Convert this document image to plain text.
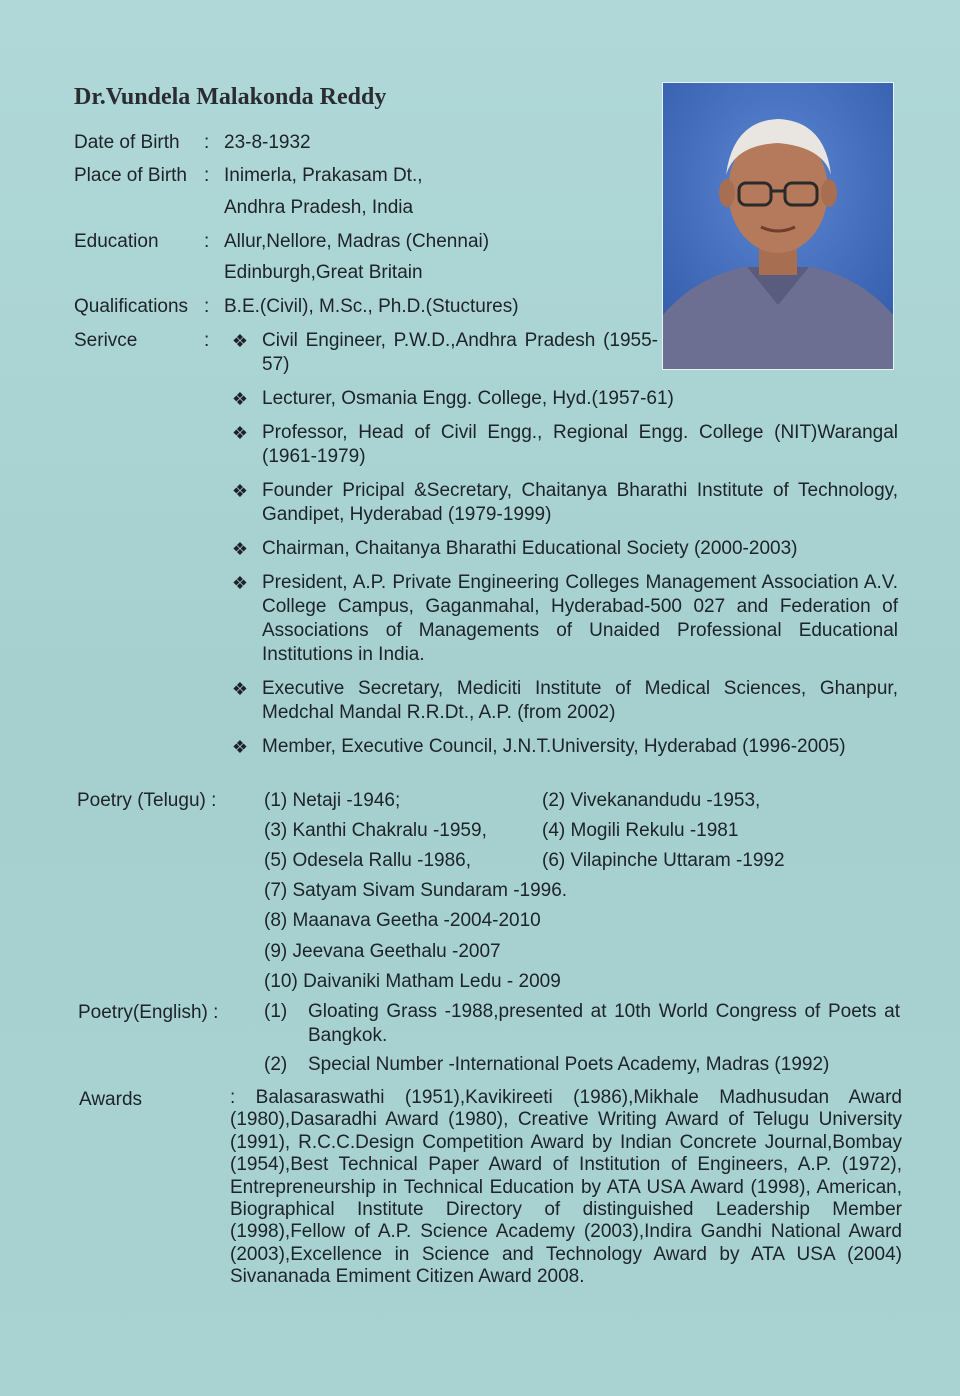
Dr.Vundela Malakonda Reddy
Date of Birth : 23-8-1932
Place of Birth : Inimerla, Prakasam Dt.,
Andhra Pradesh, India
Education : Allur,Nellore, Madras (Chennai)
Edinburgh,Great Britain
Qualifications : B.E.(Civil), M.Sc., Ph.D.(Stuctures)
Serivce	: ❖ Civil Engineer, P.W.D.,Andhra Pradesh (1955-57)
❖ Lecturer, Osmania Engg. College, Hyd.(1957-61)
❖ Professor, Head of Civil Engg., Regional Engg. College (NIT)Warangal (1961-1979)
❖ Founder Pricipal &Secretary, Chaitanya Bharathi Institute of Technology, Gandipet, Hyderabad (1979-1999)
❖ Chairman, Chaitanya Bharathi Educational Society (2000-2003)
❖ President, A.P. Private Engineering Colleges Management Association A.V. College Campus, Gaganmahal, Hyderabad-500 027 and Federation of Associations of Managements of Unaided Professional Educational Institutions in India.
❖ Executive Secretary, Mediciti Institute of Medical Sciences, Ghanpur, Medchal Mandal R.R.Dt., A.P. (from 2002)
❖ Member, Executive Council, J.N.T.University, Hyderabad (1996-2005)
Poetry (Telugu) :	(1) Netaji -1946;	(2) Vivekanandudu -1953,
(3) Kanthi Chakralu -1959,	(4) Mogili Rekulu -1981
(5) Odesela Rallu -1986,	(6) Vilapinche Uttaram -1992
(7) Satyam Sivam Sundaram -1996.
(8) Maanava Geetha -2004-2010
(9) Jeevana Geethalu -2007
(10) Daivaniki Matham Ledu - 2009
Poetry(English) : (1) Gloating Grass -1988,presented at 10th World Congress of Poets at Bangkok.
(2) Special Number -International Poets Academy, Madras (1992)
Awards	: Balasaraswathi (1951),Kavikireeti (1986),Mikhale Madhusudan Award (1980),Dasaradhi Award (1980), Creative Writing Award of Telugu University (1991), R.C.C.Design Competition Award by Indian Concrete Journal,Bombay (1954),Best Technical Paper Award of Institution of Engineers, A.P. (1972), Entrepreneurship in Technical Education by ATA USA Award (1998), American, Biographical Institute Directory of distinguished Leadership Member (1998),Fellow of A.P. Science Academy (2003),Indira Gandhi National Award (2003),Excellence in Science and Technology Award by ATA USA (2004) Sivananada Emiment Citizen Award 2008.
